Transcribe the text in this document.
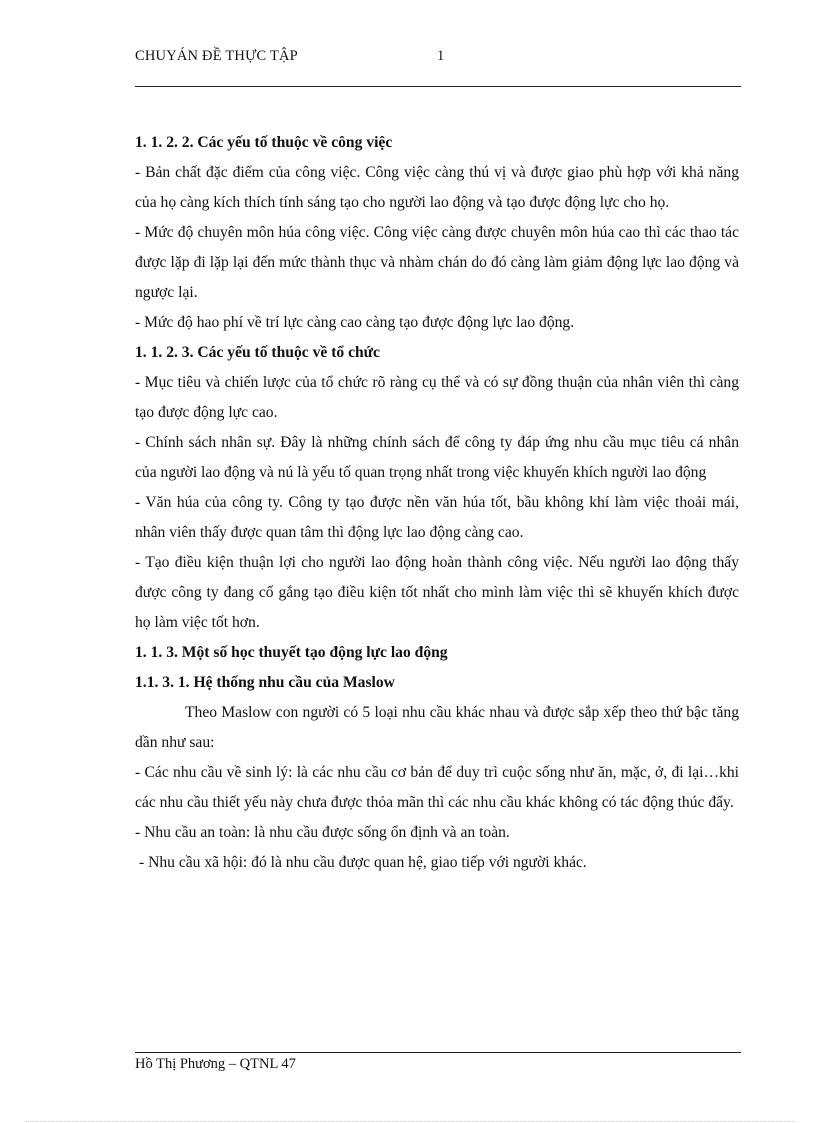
CHUYÁN ĐỀ THỰC TẬP	1

1. 1. 2. 2. Các yếu tố thuộc về công việc

- Bản chất đặc điểm của công việc. Công việc càng thú vị và được giao phù hợp với khả năng của họ càng kích thích tính sáng tạo cho người lao động và tạo được động lực cho họ.

- Mức độ chuyên môn húa công việc. Công việc càng được chuyên môn húa cao thì các thao tác được lặp đi lặp lại đến mức thành thục và nhàm chán do đó càng làm giảm động lực lao động và ngược lại.

- Mức độ hao phí về trí lực càng cao càng tạo được động lực lao động.

1. 1. 2. 3. Các yếu tố thuộc về tổ chức

- Mục tiêu và chiến lược của tổ chức rõ ràng cụ thể và có sự đồng thuận của nhân viên thì càng tạo được động lực cao.

- Chính sách nhân sự. Đây là những chính sách để công ty đáp ứng nhu cầu mục tiêu cá nhân của người lao động và nú là yếu tố quan trọng nhất trong việc khuyến khích người lao động

- Văn húa của công ty. Công ty tạo được nền văn húa tốt, bầu không khí làm việc thoải mái, nhân viên thấy được quan tâm thì động lực lao động càng cao.

- Tạo điều kiện thuận lợi cho người lao động hoàn thành công việc. Nếu người lao động thấy được công ty đang cố gắng tạo điều kiện tốt nhất cho mình làm việc thì sẽ khuyến khích được họ làm việc tốt hơn.

1. 1. 3. Một số học thuyết tạo động lực lao động

1.1. 3. 1. Hệ thống nhu cầu của Maslow

Theo Maslow con người có 5 loại nhu cầu khác nhau và được sắp xếp theo thứ bậc tăng dần như sau:

- Các nhu cầu về sinh lý: là các nhu cầu cơ bản để duy trì cuộc sống như ăn, mặc, ở, đi lại…khi các nhu cầu thiết yếu này chưa được thỏa mãn thì các nhu cầu khác không có tác động thúc đẩy.

- Nhu cầu an toàn: là nhu cầu được sống ổn định và an toàn.

- Nhu cầu xã hội: đó là nhu cầu được quan hệ, giao tiếp với người khác.

Hồ Thị Phương – QTNL 47
